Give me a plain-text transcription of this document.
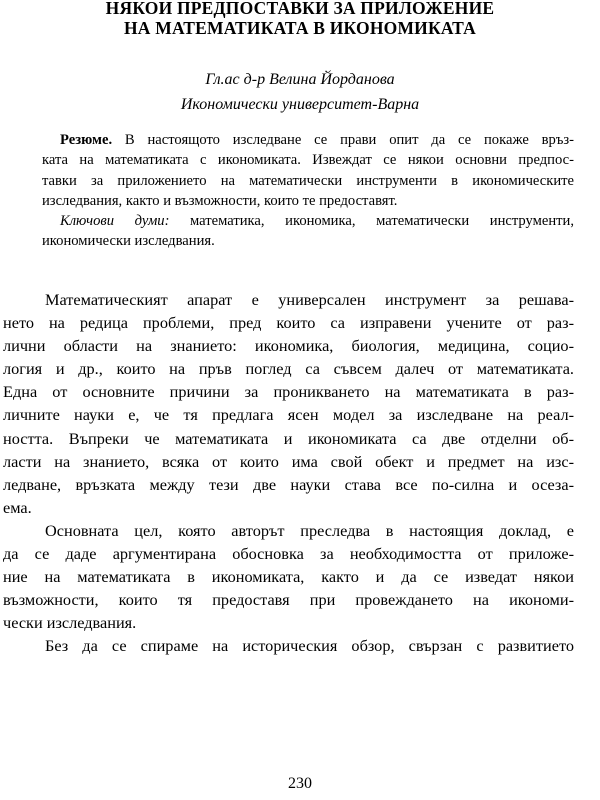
НЯКОИ ПРЕДПОСТАВКИ ЗА ПРИЛОЖЕНИЕ
НА МАТЕМАТИКАТА В ИКОНОМИКАТА
Гл.ас д-р Велина Йорданова
Икономически университет-Варна
Резюме. В настоящото изследване се прави опит да се покаже връз-
ката на математиката с икономиката. Извеждат се някои основни предпос-
тавки за приложението на математически инструменти в икономическите
изследвания, както и възможности, които те предоставят.
Ключови думи: математика, икономика, математически инструменти,
икономически изследвания.
Математическият апарат е универсален инструмент за решава-
нето на редица проблеми, пред които са изправени учените от раз-
лични области на знанието: икономика, биология, медицина, социо-
логия и др., които на пръв поглед са съвсем далеч от математиката.
Една от основните причини за проникването на математиката в раз-
личните науки е, че тя предлага ясен модел за изследване на реал-
ността. Въпреки че математиката и икономиката са две отделни об-
ласти на знанието, всяка от които има свой обект и предмет на изс-
ледване, връзката между тези две науки става все по-силна и осеза-
ема.
Основната цел, която авторът преследва в настоящия доклад, е
да се даде аргументирана обосновка за необходимостта от приложе-
ние на математиката в икономиката, както и да се изведат някои
възможности, които тя предоставя при провеждането на икономи-
чески изследвания.
Без да се спираме на историческия обзор, свързан с развитието
230
